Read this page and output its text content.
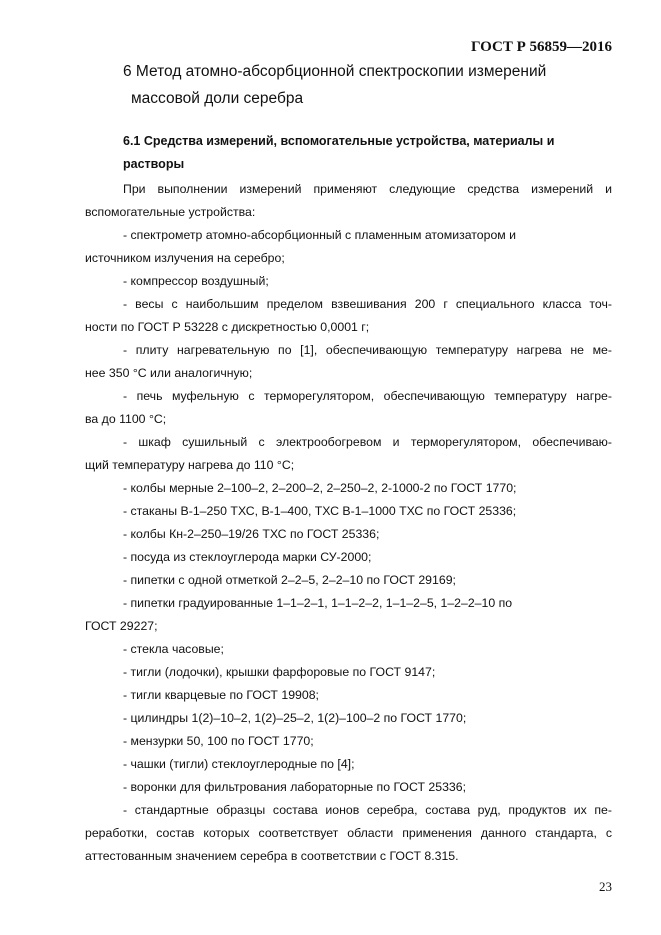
ГОСТ Р 56859—2016
6 Метод атомно-абсорбционной спектроскопии измерений
массовой доли серебра
6.1 Средства измерений, вспомогательные устройства, материалы и
растворы
При выполнении измерений применяют следующие средства измерений и
вспомогательные устройства:
- спектрометр атомно-абсорбционный с пламенным атомизатором и
источником излучения на серебро;
- компрессор воздушный;
- весы с наибольшим пределом взвешивания 200 г специального класса точ-
ности по ГОСТ Р 53228 с дискретностью 0,0001 г;
- плиту нагревательную по [1], обеспечивающую температуру нагрева не ме-
нее 350 °С или аналогичную;
- печь муфельную с терморегулятором, обеспечивающую температуру нагре-
ва до 1100 °С;
- шкаф сушильный с электрообогревом и терморегулятором, обеспечиваю-
щий температуру нагрева до 110 °С;
- колбы мерные 2–100–2, 2–200–2, 2–250–2, 2-1000-2 по ГОСТ 1770;
- стаканы В-1–250 ТХС, В-1–400, ТХС В-1–1000 ТХС по ГОСТ 25336;
- колбы Кн-2–250–19/26 ТХС по ГОСТ 25336;
- посуда из стеклоуглерода марки СУ-2000;
- пипетки с одной отметкой 2–2–5, 2–2–10 по ГОСТ 29169;
- пипетки градуированные 1–1–2–1, 1–1–2–2, 1–1–2–5, 1–2–2–10 по
ГОСТ 29227;
- стекла часовые;
- тигли (лодочки), крышки фарфоровые по ГОСТ 9147;
- тигли кварцевые по ГОСТ 19908;
- цилиндры 1(2)–10–2, 1(2)–25–2, 1(2)–100–2 по ГОСТ 1770;
- мензурки 50, 100 по ГОСТ 1770;
- чашки (тигли) стеклоуглеродные по [4];
- воронки для фильтрования лабораторные по ГОСТ 25336;
- стандартные образцы состава ионов серебра, состава руд, продуктов их пе-
реработки, состав которых соответствует области применения данного стандарта, с
аттестованным значением серебра в соответствии с ГОСТ 8.315.
23
